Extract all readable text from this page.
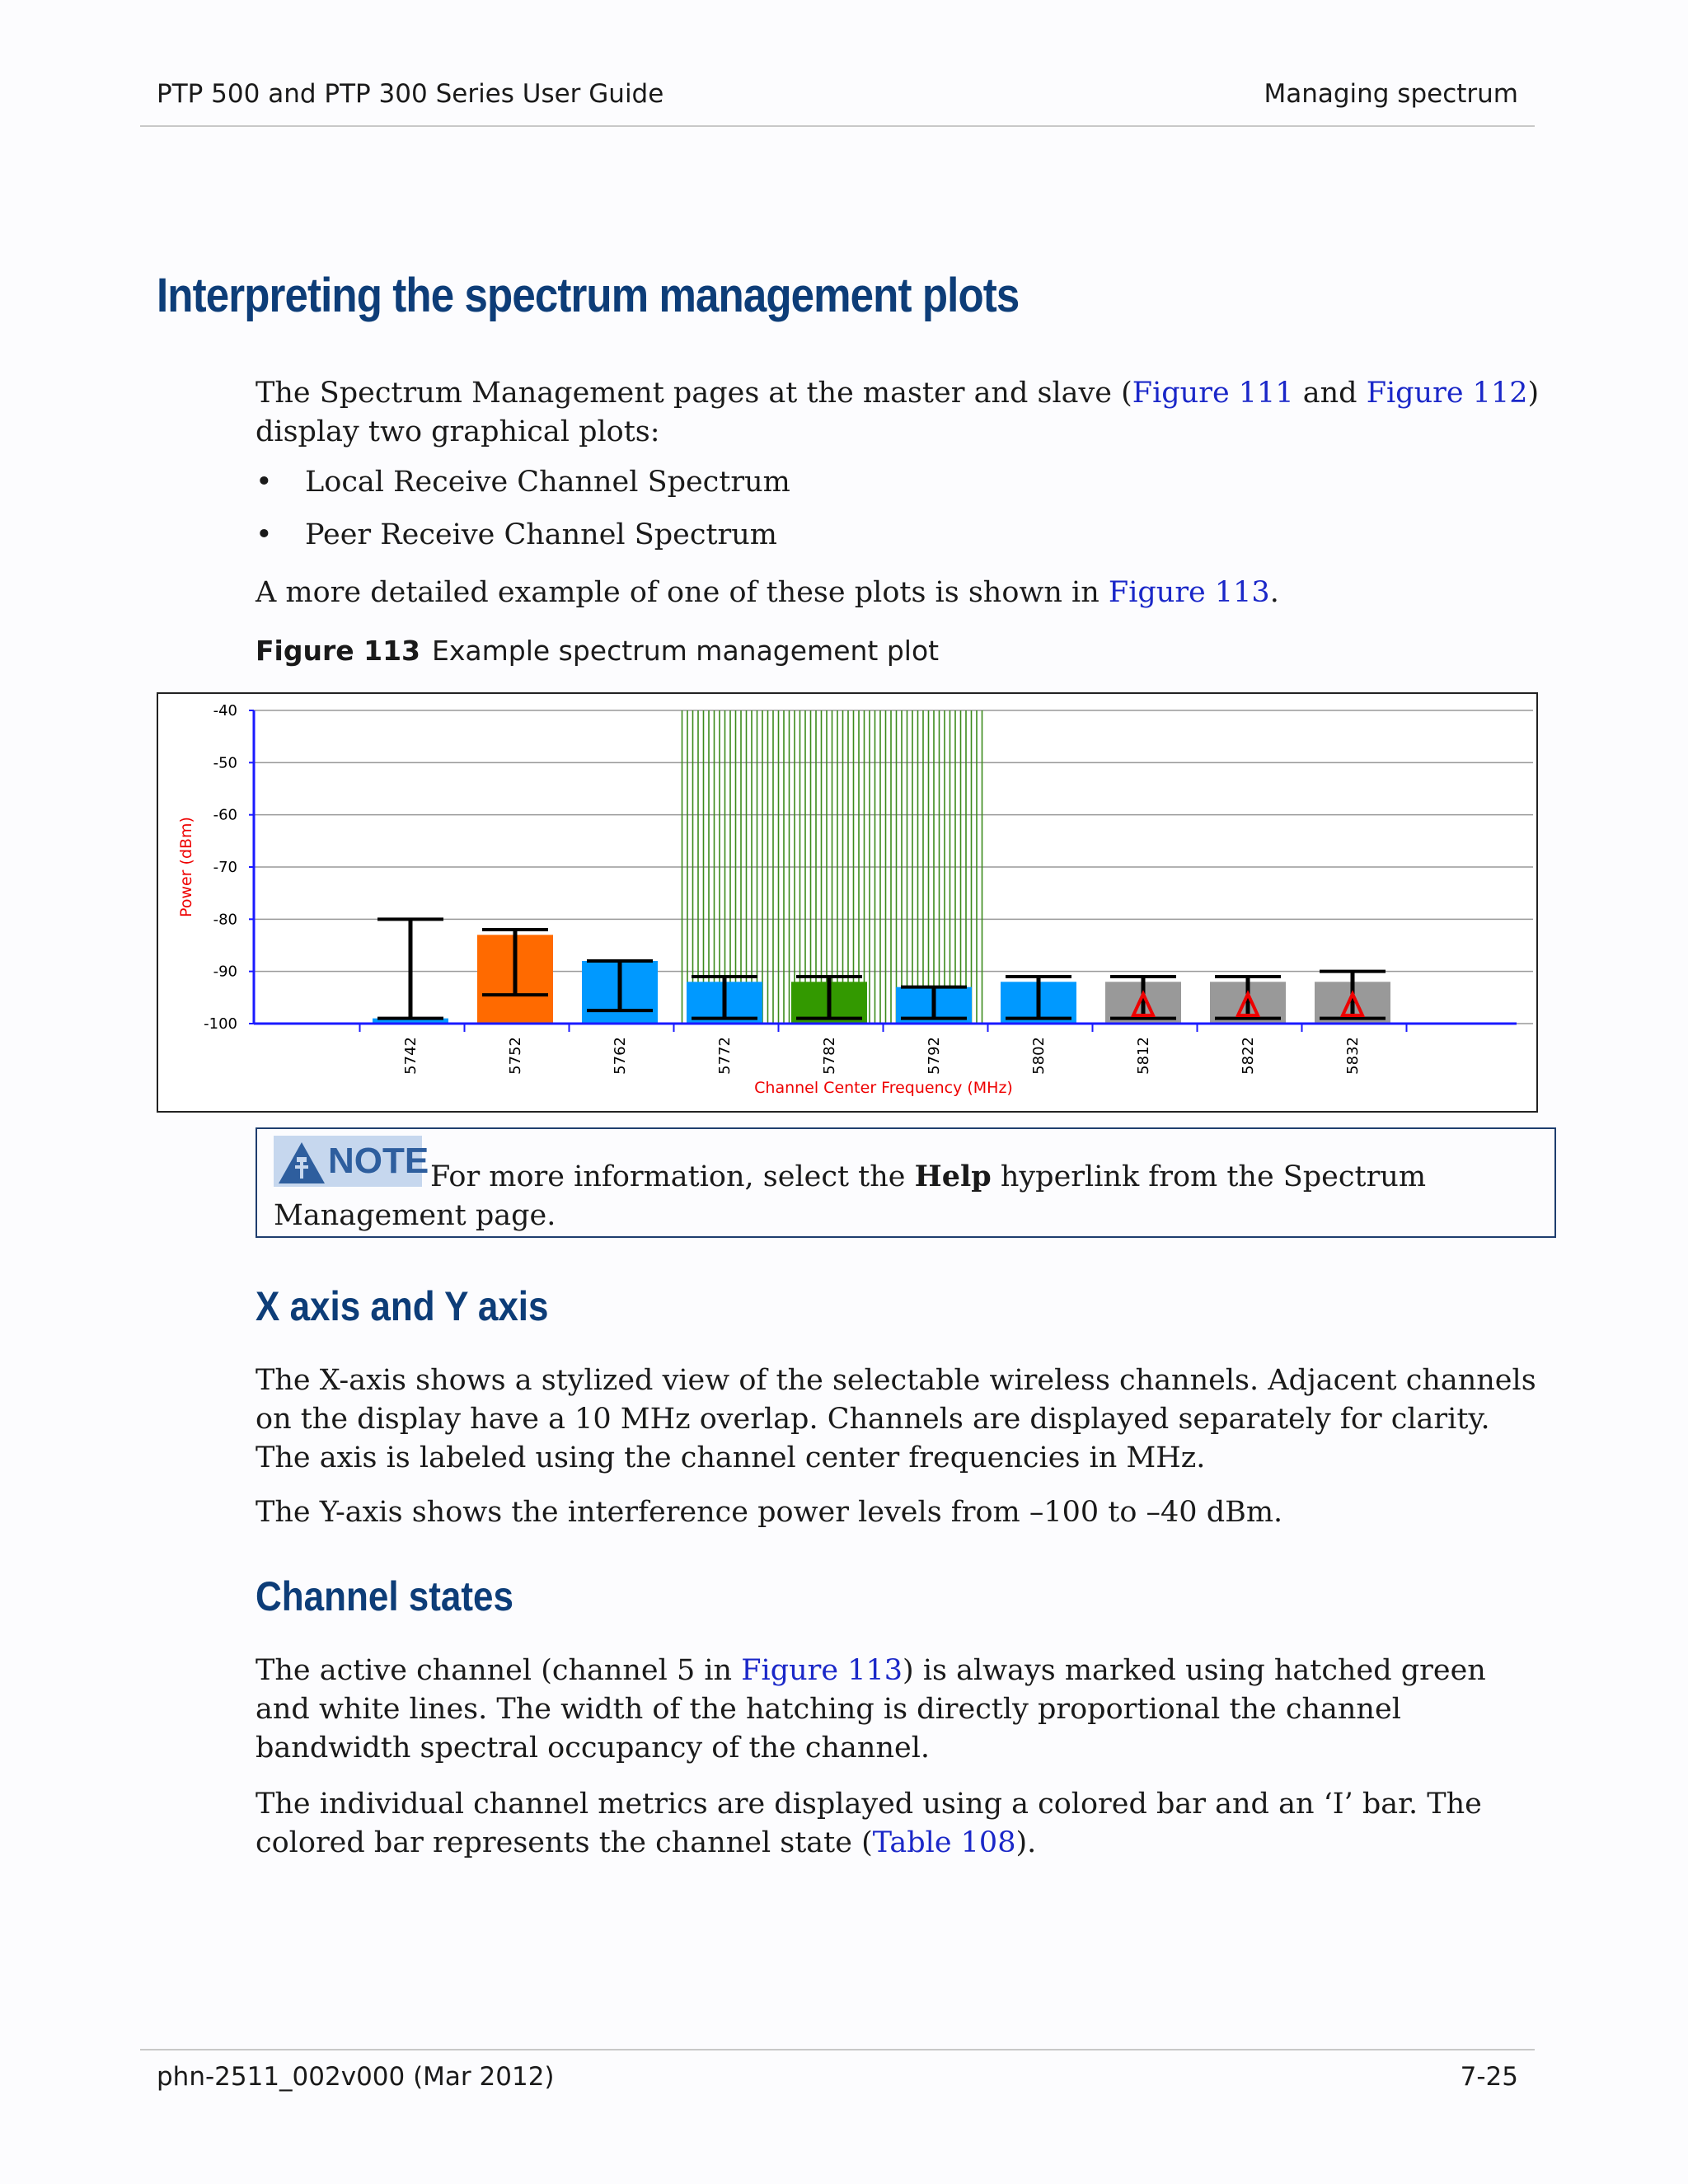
PTP 500 and PTP 300 Series User Guide	Managing spectrum
Interpreting the spectrum management plots

The Spectrum Management pages at the master and slave (Figure 111 and Figure 112)
display two graphical plots:

• Local Receive Channel Spectrum
• Peer Receive Channel Spectrum

A more detailed example of one of these plots is shown in Figure 113.

Figure 113 Example spectrum management plot
-40
-50
-60
-70
-80
-90
-100
5742	5752	5762	5772	5782	5792	5802	5812	5822	5832
Power (dBm)
Channel Center Frequency (MHz)
NOTE For more information, select the Help hyperlink from the Spectrum Management page.
X axis and Y axis

The X-axis shows a stylized view of the selectable wireless channels. Adjacent channels on the display have a 10 MHz overlap. Channels are displayed separately for clarity. The axis is labeled using the channel center frequencies in MHz.

The Y-axis shows the interference power levels from –100 to –40 dBm.

Channel states

The active channel (channel 5 in Figure 113) is always marked using hatched green and white lines. The width of the hatching is directly proportional the channel bandwidth spectral occupancy of the channel.

The individual channel metrics are displayed using a colored bar and an ‘I’ bar. The colored bar represents the channel state (Table 108).

phn-2511_002v000 (Mar 2012)	7-25
